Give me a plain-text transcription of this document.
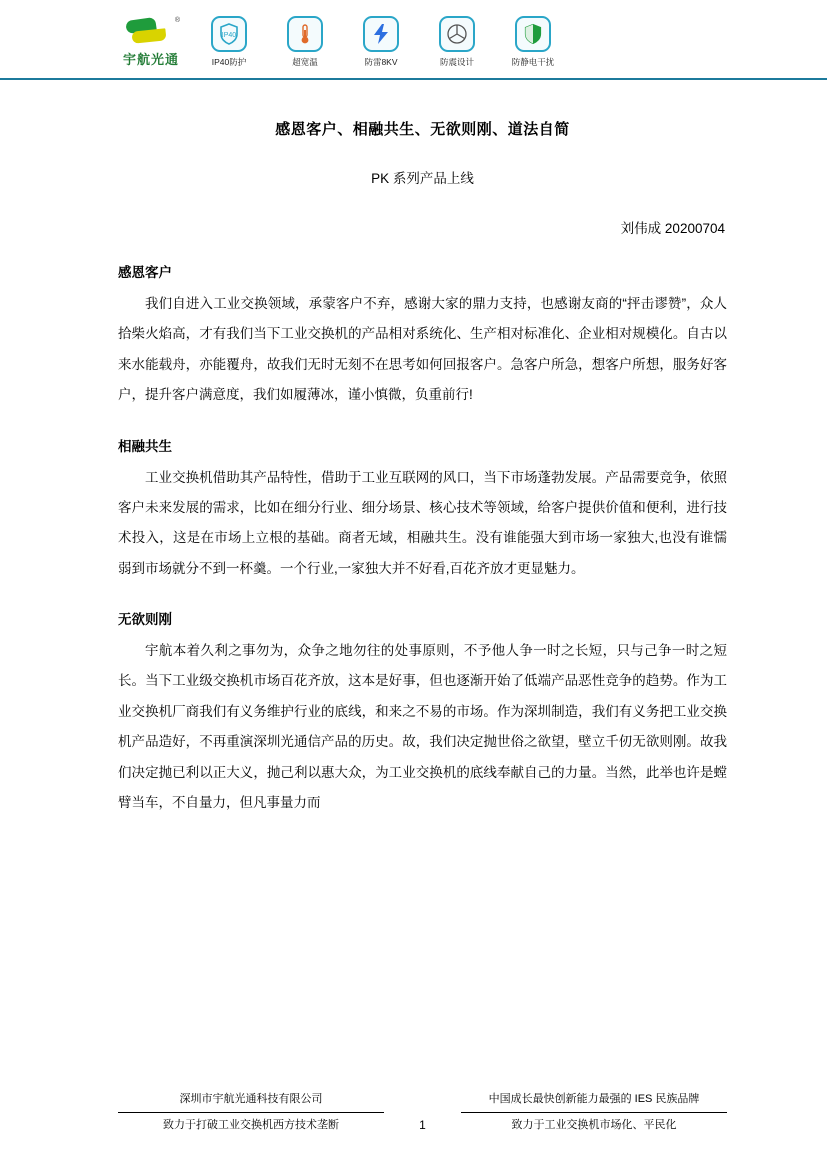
®
宇航光通
IP40
IP40防护	超宽温	防雷8KV	防震设计	防静电干扰
感恩客户、相融共生、无欲则刚、道法自简
PK 系列产品上线
刘伟成 20200704
感恩客户
我们自进入工业交换领域，承蒙客户不弃，感谢大家的鼎力支持，也感谢友商的“抨击谬赞”，众人拾柴火焰高，才有我们当下工业交换机的产品相对系统化、生产相对标准化、企业相对规模化。自古以来水能载舟，亦能覆舟，故我们无时无刻不在思考如何回报客户。急客户所急，想客户所想，服务好客户，提升客户满意度，我们如履薄冰，谨小慎微，负重前行!
相融共生
工业交换机借助其产品特性，借助于工业互联网的风口，当下市场蓬勃发展。产品需要竞争，依照客户未来发展的需求，比如在细分行业、细分场景、核心技术等领域，给客户提供价值和便利，进行技术投入，这是在市场上立根的基础。商者无域，相融共生。没有谁能强大到市场一家独大,也没有谁懦弱到市场就分不到一杯羹。一个行业,一家独大并不好看,百花齐放才更显魅力。
无欲则刚
宇航本着久利之事勿为，众争之地勿往的处事原则，不予他人争一时之长短，只与己争一时之短长。当下工业级交换机市场百花齐放，这本是好事，但也逐渐开始了低端产品恶性竞争的趋势。作为工业交换机厂商我们有义务维护行业的底线，和来之不易的市场。作为深圳制造，我们有义务把工业交换机产品造好，不再重演深圳光通信产品的历史。故，我们决定抛世俗之欲望，壁立千仞无欲则刚。故我们决定抛已利以正大义，抛己利以惠大众，为工业交换机的底线奉献自己的力量。当然，此举也许是螳臂当车，不自量力，但凡事量力而
深圳市宇航光通科技有限公司
致力于打破工业交换机西方技术垄断	1
中国成长最快创新能力最强的 IES 民族品牌
致力于工业交换机市场化、平民化
